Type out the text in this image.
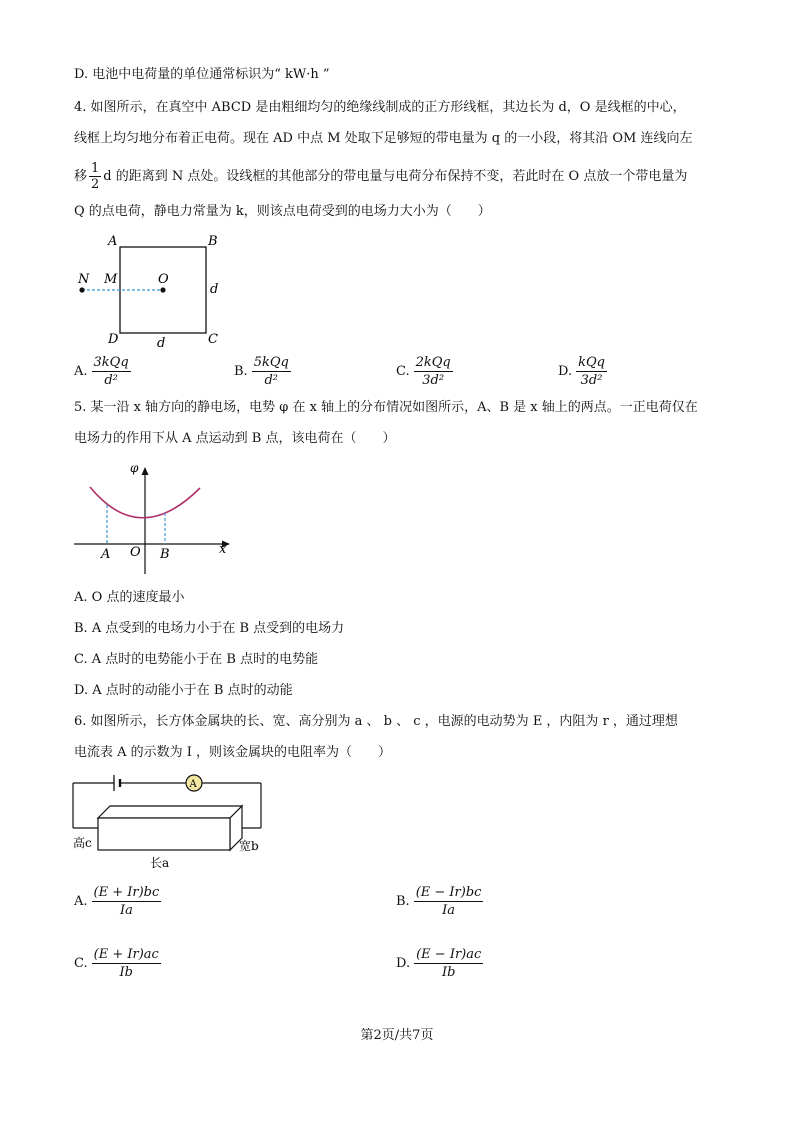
D. 电池中电荷量的单位通常标识为“ kW·h ”
4. 如图所示，在真空中 ABCD 是由粗细均匀的绝缘线制成的正方形线框，其边长为 d，O 是线框的中心，
线框上均匀地分布着正电荷。现在 AD 中点 M 处取下足够短的带电量为 q 的一小段，将其沿 OM 连线向左
移 $\frac{1}{2}$ d 的距离到 N 点处。设线框的其他部分的带电量与电荷分布保持不变，若此时在 O 点放一个带电量为
Q 的点电荷，静电力常量为 k，则该点电荷受到的电场力大小为（　　）
A	B
C
D
N M	O
d
d
A. $\frac{\text{3kQq}}{\text{d²}}$	B. $\frac{\text{5kQq}}{\text{d²}}$	C. $\frac{\text{2kQq}}{\text{3d²}}$	D. $\frac{\text{kQq}}{\text{3d²}}$
5. 某一沿 x 轴方向的静电场，电势 φ 在 x 轴上的分布情况如图所示，A、B 是 x 轴上的两点。一正电荷仅在
电场力的作用下从 A 点运动到 B 点，该电荷在（　　）
φ
x
A O B
A. O 点的速度最小
B. A 点受到的电场力小于在 B 点受到的电场力
C. A 点时的电势能小于在 B 点时的电势能
D. A 点时的动能小于在 B 点时的动能
6. 如图所示，长方体金属块的长、宽、高分别为 a 、 b 、 c ，电源的电动势为 E ，内阻为 r ，通过理想
电流表 A 的示数为 I ，则该金属块的电阻率为（　　）
A
高c
长a
宽b
A. $\frac{(E + Ir)bc}{Ia}$	B. $\frac{(E - Ir)bc}{Ia}$
C. $\frac{(E + Ir)ac}{Ib}$	D. $\frac{(E - Ir)ac}{Ib}$
第2页/共7页
